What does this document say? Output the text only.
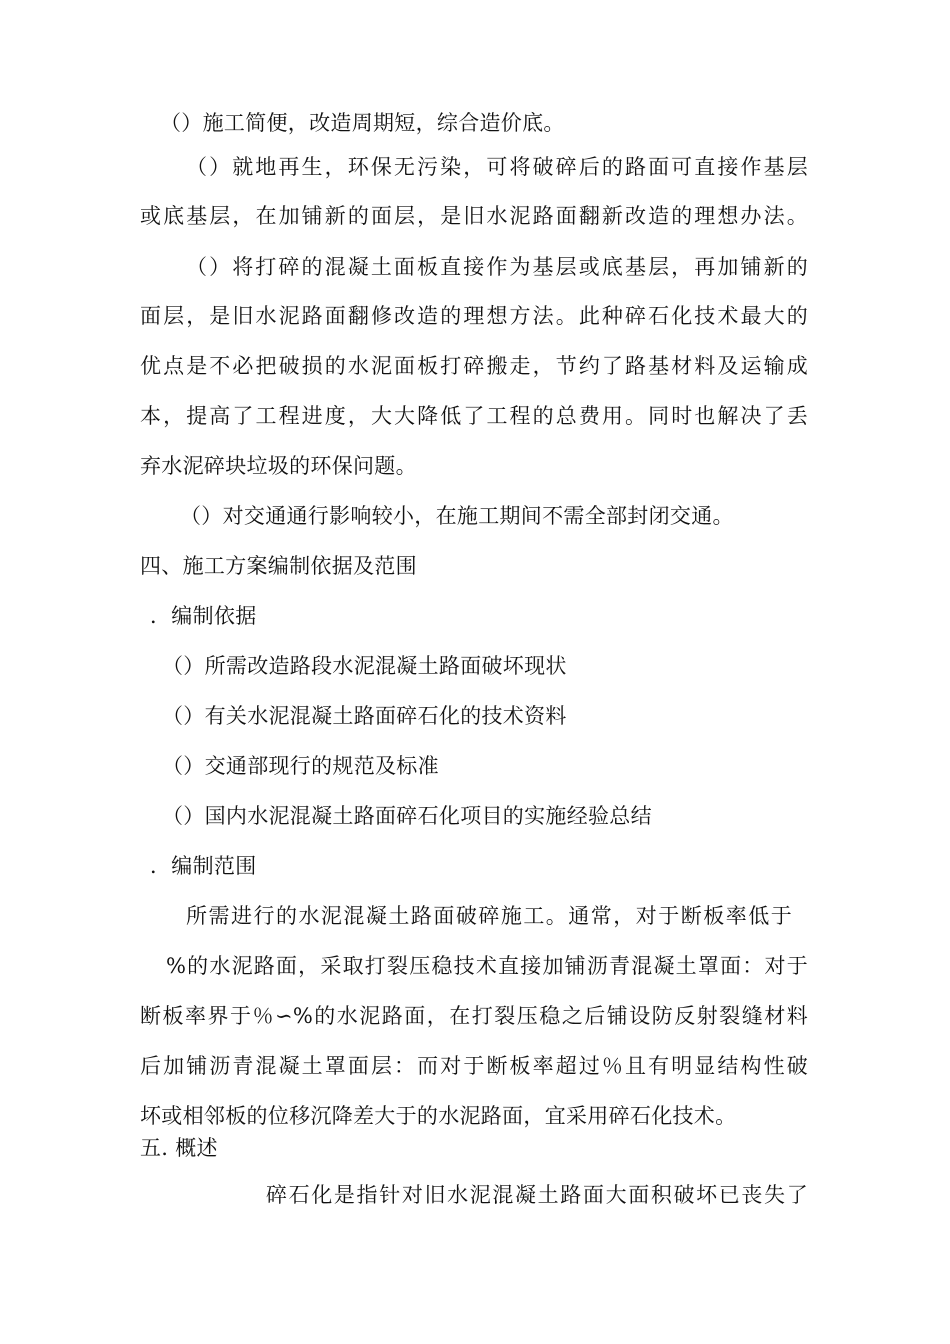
（）施工简便，改造周期短，综合造价底。
（）就地再生，环保无污染，可将破碎后的路面可直接作基层
或底基层，在加铺新的面层，是旧水泥路面翻新改造的理想办法。
（）将打碎的混凝土面板直接作为基层或底基层，再加铺新的
面层，是旧水泥路面翻修改造的理想方法。此种碎石化技术最大的
优点是不必把破损的水泥面板打碎搬走，节约了路基材料及运输成
本，提高了工程进度，大大降低了工程的总费用。同时也解决了丢
弃水泥碎块垃圾的环保问题。
（）对交通通行影响较小，在施工期间不需全部封闭交通。
四、施工方案编制依据及范围
．编制依据
（）所需改造路段水泥混凝土路面破坏现状
（）有关水泥混凝土路面碎石化的技术资料
（）交通部现行的规范及标准
（）国内水泥混凝土路面碎石化项目的实施经验总结
．编制范围
所需进行的水泥混凝土路面破碎施工。通常，对于断板率低于
%的水泥路面，采取打裂压稳技术直接加铺沥青混凝土罩面：对于
断板率界于％∽%的水泥路面，在打裂压稳之后铺设防反射裂缝材料
后加铺沥青混凝土罩面层：而对于断板率超过％且有明显结构性破
坏或相邻板的位移沉降差大于的水泥路面，宜采用碎石化技术。
五. 概述
碎石化是指针对旧水泥混凝土路面大面积破坏已丧失了
